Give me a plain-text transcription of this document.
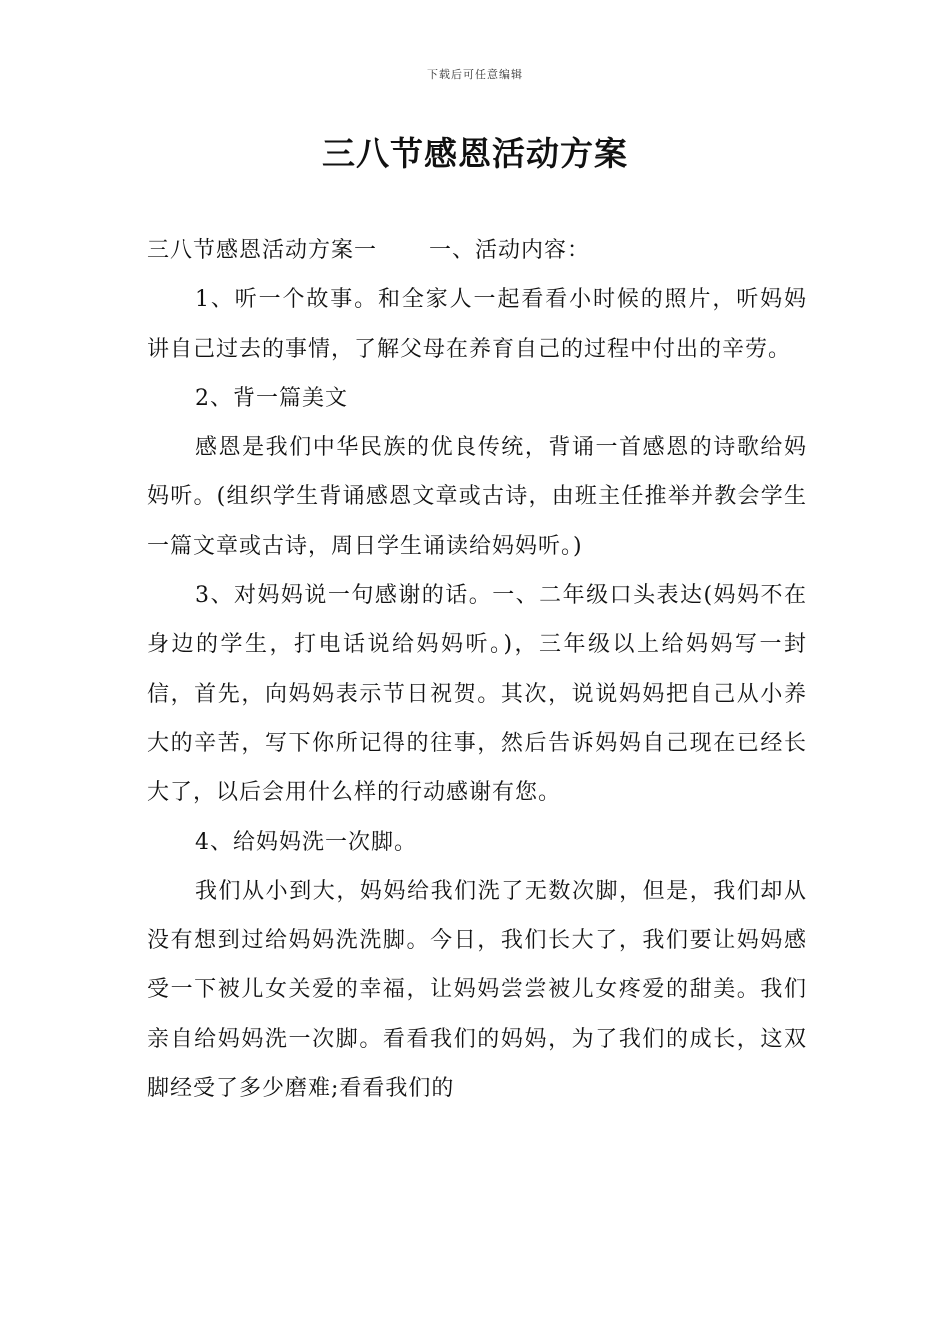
下载后可任意编辑
三八节感恩活动方案

三八节感恩活动方案一 一、活动内容：

1、听一个故事。和全家人一起看看小时候的照片，听妈妈讲自己过去的事情，了解父母在养育自己的过程中付出的辛劳。

2、背一篇美文

感恩是我们中华民族的优良传统，背诵一首感恩的诗歌给妈妈听。(组织学生背诵感恩文章或古诗，由班主任推举并教会学生一篇文章或古诗，周日学生诵读给妈妈听。)

3、对妈妈说一句感谢的话。一、二年级口头表达(妈妈不在身边的学生，打电话说给妈妈听。)，三年级以上给妈妈写一封信，首先，向妈妈表示节日祝贺。其次，说说妈妈把自己从小养大的辛苦，写下你所记得的往事，然后告诉妈妈自己现在已经长大了，以后会用什么样的行动感谢有您。

4、给妈妈洗一次脚。

我们从小到大，妈妈给我们洗了无数次脚，但是，我们却从没有想到过给妈妈洗洗脚。今日，我们长大了，我们要让妈妈感受一下被儿女关爱的幸福，让妈妈尝尝被儿女疼爱的甜美。我们亲自给妈妈洗一次脚。看看我们的妈妈，为了我们的成长，这双脚经受了多少磨难;看看我们的
